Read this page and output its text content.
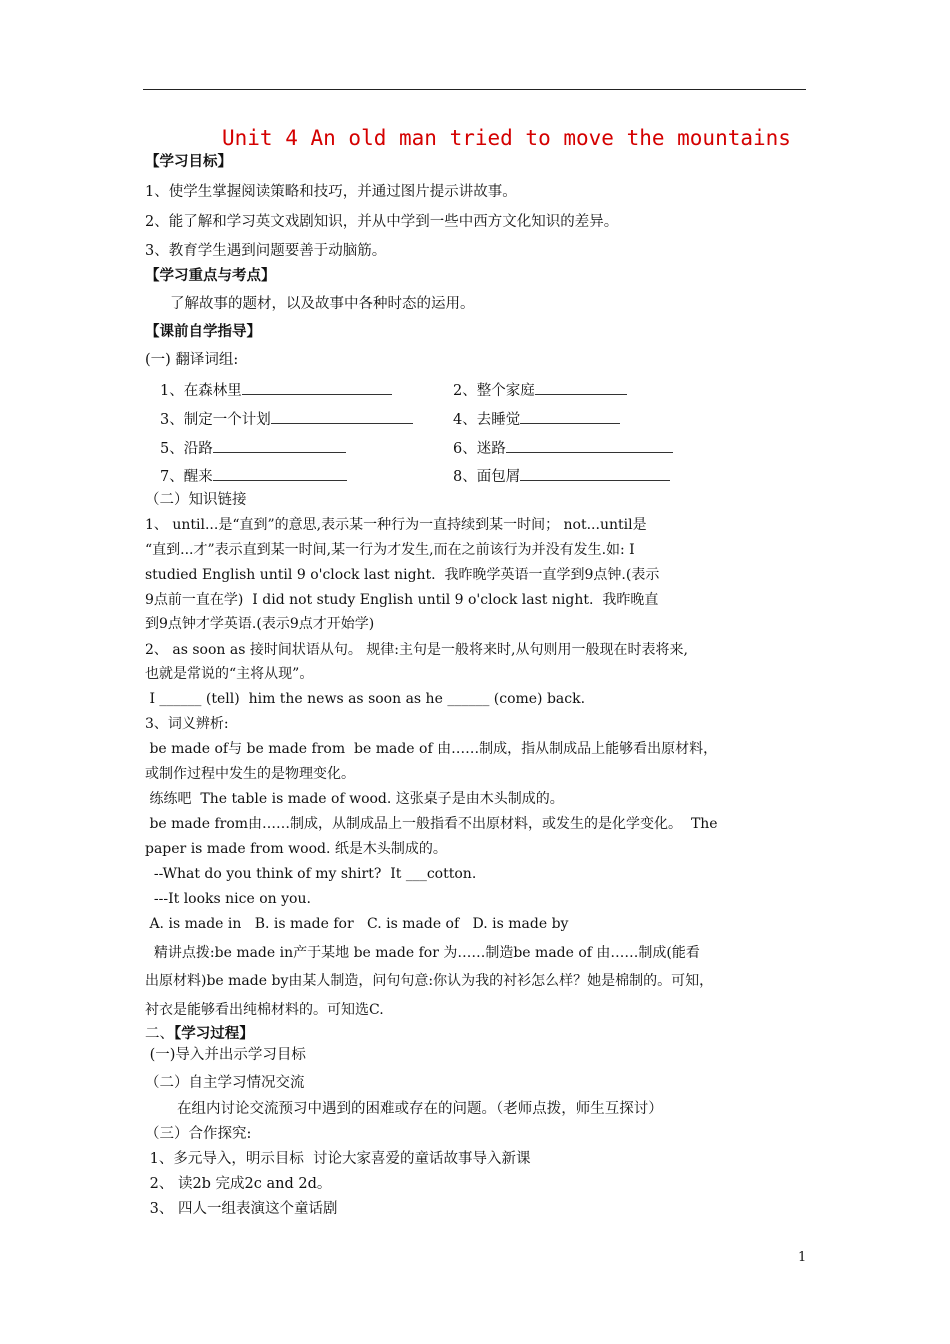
Unit 4 An old man tried to move the mountains
【学习目标】
1、使学生掌握阅读策略和技巧，并通过图片提示讲故事。
2、能了解和学习英文戏剧知识，并从中学到一些中西方文化知识的差异。
3、教育学生遇到问题要善于动脑筋。
【学习重点与考点】
了解故事的题材，以及故事中各种时态的运用。
【课前自学指导】
(一) 翻译词组:
1、在森林里	2、整个家庭
3、制定一个计划	4、去睡觉
5、沿路	6、迷路
7、醒来	8、面包屑
（二）知识链接
1、 until...是“直到”的意思,表示某一种行为一直持续到某一时间； not...until是
“直到...才”表示直到某一时间,某一行为才发生,而在之前该行为并没有发生.如: I
studied English until 9 o'clock last night.  我昨晚学英语一直学到9点钟.(表示
9点前一直在学)  I did not study English until 9 o'clock last night.  我昨晚直
到9点钟才学英语.(表示9点才开始学)
2、 as soon as 接时间状语从句。 规律:主句是一般将来时,从句则用一般现在时表将来,
也就是常说的“主将从现”。
I ______ (tell)  him the news as soon as he ______ (come) back.
3、词义辨析:
be made of与 be made from  be made of 由……制成，指从制成品上能够看出原材料，
或制作过程中发生的是物理变化。
练练吧  The table is made of wood. 这张桌子是由木头制成的。
be made from由……制成，从制成品上一般指看不出原材料，或发生的是化学变化。  The
paper is made from wood. 纸是木头制成的。
--What do you think of my shirt?  It ___cotton.
---It looks nice on you.
A. is made in   B. is made for   C. is made of   D. is made by
精讲点拨:be made in产于某地 be made for 为……制造be made of 由……制成(能看
出原材料)be made by由某人制造，问句句意:你认为我的衬衫怎么样？她是棉制的。可知，
衬衣是能够看出纯棉材料的。可知选C.
二、【学习过程】
(一)导入并出示学习目标
（二）自主学习情况交流
在组内讨论交流预习中遇到的困难或存在的问题。（老师点拨，师生互探讨）
（三）合作探究:
1、多元导入，明示目标  讨论大家喜爱的童话故事导入新课
2、 读2b 完成2c and 2d。
3、 四人一组表演这个童话剧
1
